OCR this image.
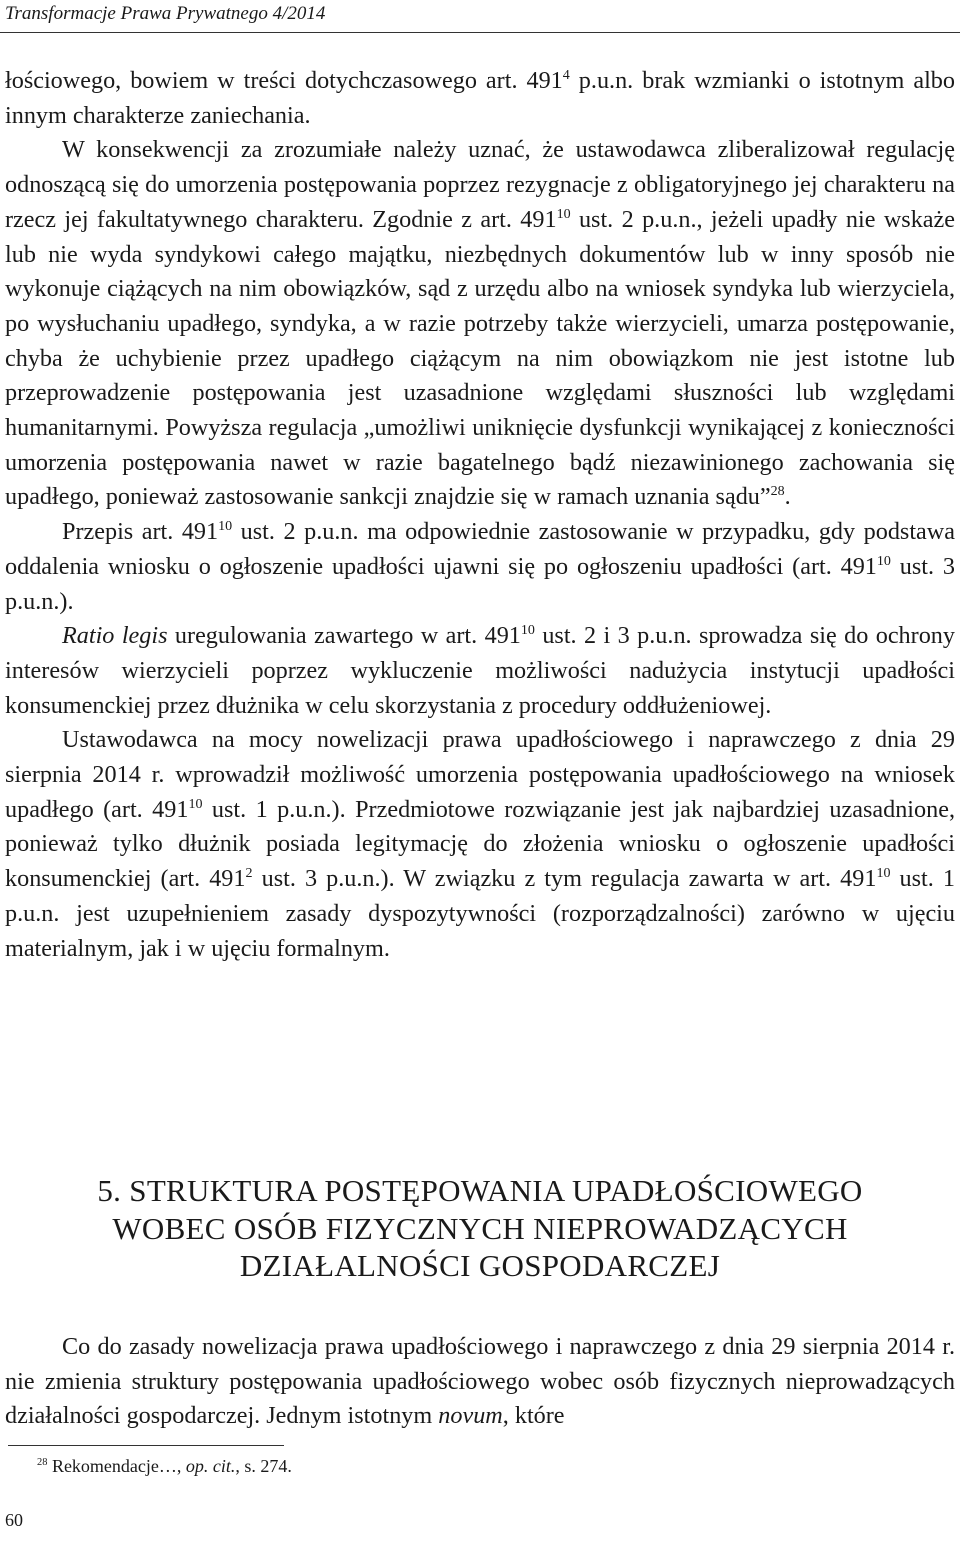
Transformacje Prawa Prywatnego 4/2014

łościowego, bowiem w treści dotychczasowego art. $491^4$ p.u.n. brak wzmianki o istotnym albo innym charakterze zaniechania.

W konsekwencji za zrozumiałe należy uznać, że ustawodawca zliberalizował regulację odnoszącą się do umorzenia postępowania poprzez rezygnacje z obligatoryjnego jej charakteru na rzecz jej fakultatywnego charakteru. Zgodnie z art. $491^{10}$ ust. 2 p.u.n., jeżeli upadły nie wskaże lub nie wyda syndykowi całego majątku, niezbędnych dokumentów lub w inny sposób nie wykonuje ciążących na nim obowiązków, sąd z urzędu albo na wniosek syndyka lub wierzyciela, po wysłuchaniu upadłego, syndyka, a w razie potrzeby także wierzycieli, umarza postępowanie, chyba że uchybienie przez upadłego ciążącym na nim obowiązkom nie jest istotne lub przeprowadzenie postępowania jest uzasadnione względami słuszności lub względami humanitarnymi. Powyższa regulacja „umożliwi uniknięcie dysfunkcji wynikającej z konieczności umorzenia postępowania nawet w razie bagatelnego bądź niezawinionego zachowania się upadłego, ponieważ zastosowanie sankcji znajdzie się w ramach uznania sądu”$^{28}$.

Przepis art. $491^{10}$ ust. 2 p.u.n. ma odpowiednie zastosowanie w przypadku, gdy podstawa oddalenia wniosku o ogłoszenie upadłości ujawni się po ogłoszeniu upadłości (art. $491^{10}$ ust. 3 p.u.n.).

Ratio legis uregulowania zawartego w art. $491^{10}$ ust. 2 i 3 p.u.n. sprowadza się do ochrony interesów wierzycieli poprzez wykluczenie możliwości nadużycia instytucji upadłości konsumenckiej przez dłużnika w celu skorzystania z procedury oddłużeniowej.

Ustawodawca na mocy nowelizacji prawa upadłościowego i naprawczego z dnia 29 sierpnia 2014 r. wprowadził możliwość umorzenia postępowania upadłościowego na wniosek upadłego (art. $491^{10}$ ust. 1 p.u.n.). Przedmiotowe rozwiązanie jest jak najbardziej uzasadnione, ponieważ tylko dłużnik posiada legitymację do złożenia wniosku o ogłoszenie upadłości konsumenckiej (art. $491^2$ ust. 3 p.u.n.). W związku z tym regulacja zawarta w art. $491^{10}$ ust. 1 p.u.n. jest uzupełnieniem zasady dyspozytywności (rozporządzalności) zarówno w ujęciu materialnym, jak i w ujęciu formalnym.

5. STRUKTURA POSTĘPOWANIA UPADŁOŚCIOWEGO
WOBEC OSÓB FIZYCZNYCH NIEPROWADZĄCYCH
DZIAŁALNOŚCI GOSPODARCZEJ

Co do zasady nowelizacja prawa upadłościowego i naprawczego z dnia 29 sierpnia 2014 r. nie zmienia struktury postępowania upadłościowego wobec osób fizycznych nieprowadzących działalności gospodarczej. Jednym istotnym novum, które

$^{28}$ Rekomendacje…, op. cit., s. 274.
60
